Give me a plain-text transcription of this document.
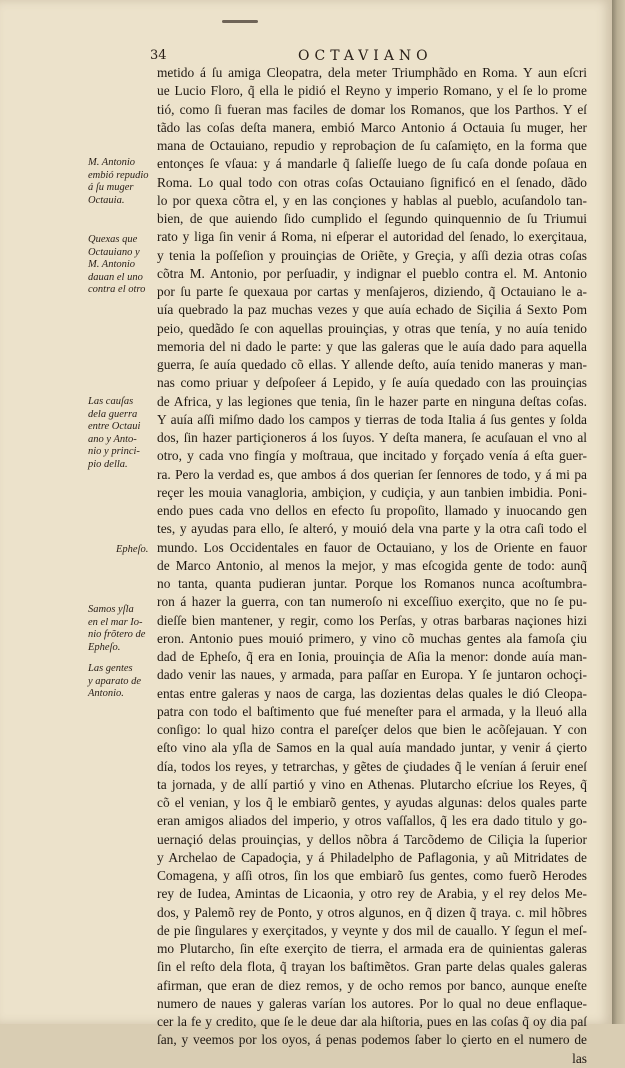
34	OCTAVIANO
metido á ſu amiga Cleopatra, dela meter Triumphãdo en Roma. Y aun eſcri
ue Lucio Floro, q̃ ella le pidió el Reyno y imperio Romano, y el ſe lo prome
tió, como ſi fueran mas faciles de domar los Romanos, que los Parthos. Y eſ
tãdo las coſas deſta manera, embió Marco Antonio á Octauia ſu muger, her
mana de Octauiano, repudio y reprobaçion de ſu caſamięto, en la forma que
entonçes ſe vſaua: y á mandarle q̃ ſalieſſe luego de ſu caſa donde poſaua en
Roma. Lo qual todo con otras coſas Octauiano ſignificó en el ſenado, dãdo
lo por quexa cõtra el, y en las conçiones y hablas al pueblo, acuſandolo tan-
bien, de que auiendo ſido cumplido el ſegundo quinquennio de ſu Triumui
rato y liga ſin venir á Roma, ni eſperar el autoridad del ſenado, lo exerçitaua,
y tenia la poſſeſion y prouinçias de Oriẽte, y Greçia, y aſſi dezia otras coſas
cõtra M. Antonio, por perſuadir, y indignar el pueblo contra el. M. Antonio
por ſu parte ſe quexaua por cartas y menſajeros, diziendo, q̃ Octauiano le a-
uía quebrado la paz muchas vezes y que auía echado de Siçilia á Sexto Pom
peio, quedãdo ſe con aquellas prouinçias, y otras que tenía, y no auía tenido
memoria del ni dado le parte: y que las galeras que le auía dado para aquella
guerra, ſe auía quedado cõ ellas. Y allende deſto, auía tenido maneras y man-
nas como priuar y deſpoſeer á Lepido, y ſe auía quedado con las prouinçias
de Africa, y las legiones que tenia, ſin le hazer parte en ninguna deſtas coſas.
Y auía aſſi miſmo dado los campos y tierras de toda Italia á ſus gentes y ſolda
dos, ſin hazer partiçioneros á los ſuyos. Y deſta manera, ſe acuſauan el vno al
otro, y cada vno fingía y moſtraua, que incitado y forçado venía á eſta guer-
ra. Pero la verdad es, que ambos á dos querian ſer ſennores de todo, y á mi pa
reçer les mouia vanagloria, ambiçion, y cudiçia, y aun tanbien imbidia. Poni-
endo pues cada vno dellos en efecto ſu propoſito, llamado y inuocando gen
tes, y ayudas para ello, ſe alteró, y mouió dela vna parte y la otra caſi todo el
mundo. Los Occidentales en fauor de Octauiano, y los de Oriente en fauor
de Marco Antonio, al menos la mejor, y mas eſcogida gente de todo: aunq̃
no tanta, quanta pudieran juntar. Porque los Romanos nunca acoſtumbra-
ron á hazer la guerra, con tan numeroſo ni exceſſiuo exerçito, que no ſe pu-
dieſſe bien mantener, y regir, como los Perſas, y otras barbaras naçiones hizi
eron. Antonio pues mouió primero, y vino cõ muchas gentes ala famoſa çiu
dad de Epheſo, q̃ era en Ionia, prouinçia de Aſia la menor: donde auía man-
dado venir las naues, y armada, para paſſar en Europa. Y ſe juntaron ochoçi-
entas entre galeras y naos de carga, las dozientas delas quales le dió Cleopa-
patra con todo el baſtimento que fué meneſter para el armada, y la lleuó alla
conſigo: lo qual hizo contra el pareſçer delos que bien le acõſejauan. Y con
eſto vino ala yſla de Samos en la qual auía mandado juntar, y venir á çierto
día, todos los reyes, y tetrarchas, y gẽtes de çiudades q̃ le venían á ſeruir eneſ
ta jornada, y de allí partió y vino en Athenas. Plutarcho eſcriue los Reyes, q̃
cõ el venian, y los q̃ le embiarõ gentes, y ayudas algunas: delos quales parte
eran amigos aliados del imperio, y otros vaſſallos, q̃ les era dado titulo y go-
uernaçió delas prouinçias, y dellos nõbra á Tarcõdemo de Ciliçia la ſuperior
y Archelao de Capadoçia, y á Philadelpho de Paflagonia, y aũ Mitridates de
Comagena, y aſſi otros, ſin los que embiarõ ſus gentes, como fuerõ Herodes
rey de Iudea, Amintas de Licaonia, y otro rey de Arabia, y el rey delos Me-
dos, y Palemõ rey de Ponto, y otros algunos, en q̃ dizen q̃ traya. c. mil hõbres
de pie ſingulares y exerçitados, y veynte y dos mil de cauallo. Y ſegun el meſ-
mo Plutarcho, ſin eſte exerçito de tierra, el armada era de quinientas galeras
ſin el reſto dela flota, q̃ trayan los baſtimẽtos. Gran parte delas quales galeras
afirman, que eran de diez remos, y de ocho remos por banco, aunque eneſte
numero de naues y galeras varían los autores. Por lo qual no deue enflaque-
cer la fe y credito, que ſe le deue dar ala hiſtoria, pues en las coſas q̃ oy dia paſ
ſan, y veemos por los oyos, á penas podemos ſaber lo çierto en el numero de
las
M. Antonio
embió repudio
á ſu muger
Octauia.
Quexas que
Octauiano y
M. Antonio
dauan el uno
contra el otro
Las cauſas
dela guerra
entre Octaui
ano y Anto-
nio y princi-
pio della.
Epheſo.
Samos yſla
en el mar Io-
nio frõtero de
Epheſo.
Las gentes
y aparato de
Antonio.
